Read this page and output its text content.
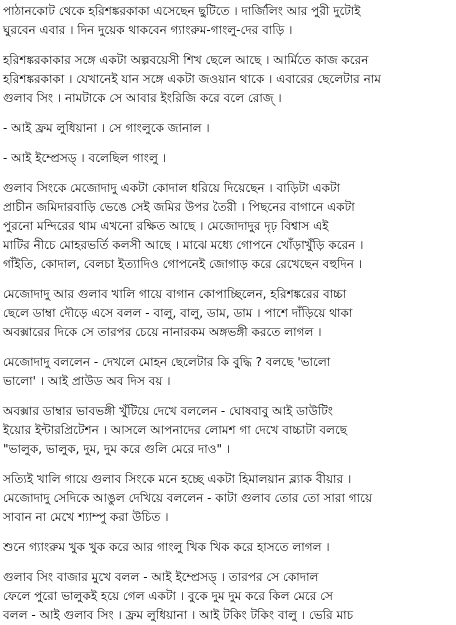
পাঠানকোট থেকে হরিশঙ্করকাকা এসেছেন ছুটিতে । দার্জিলিং আর পুরী দুটোই
ঘুরবেন এবার । দিন দুয়েক থাকবেন গ্যাংরুম-গাংলু-দের বাড়ি ।
হরিশঙ্করকাকার সঙ্গে একটা অল্পবয়েসী শিখ ছেলে আছে । আর্মিতে কাজ করেন
হরিশঙ্করকাকা । যেখানেই যান সঙ্গে একটা জওয়ান থাকে । এবারের ছেলেটার নাম
গুলাব সিং । নামটাকে সে আবার ইংরিজি করে বলে রোজ্ ।
- আই ফ্রম লুধিয়ানা । সে গাংলুকে জানাল ।
- আই ইম্প্রেসড্ । বলেছিল গাংলু ।
গুলাব সিংকে মেজোদাদু একটা কোদাল ধরিয়ে দিয়েছেন । বাড়িটা একটা
প্রাচীন জমিদারবাড়ি ভেঙে সেই জমির উপর তৈরী । পিছনের বাগানে একটা
পুরনো মন্দিরের থাম এখনো রক্ষিত আছে । মেজোদাদুর দৃঢ় বিশ্বাস এই
মাটির নীচে মোহরভর্তি কলসী আছে । মাঝে মধ্যে গোপনে খোঁড়াখুঁড়ি করেন ।
গাঁইতি, কোদাল, বেলচা ইত্যাদিও গোপনেই জোগাড় করে রেখেছেন বহুদিন ।
মেজোদাদু আর গুলাব খালি গায়ে বাগান কোপাচ্ছিলেন, হরিশঙ্করের বাচ্চা
ছেলে ডাম্বা দৌড়ে এসে বলল - বালু, বালু, ডাম, ডাম । পাশে দাঁড়িয়ে থাকা
অবক্সারের দিকে সে তারপর চেয়ে নানারকম অঙ্গভঙ্গী করতে লাগল ।
মেজোদাদু বললেন - দেখলে মোহন ছেলেটার কি বুদ্ধি ? বলছে 'ভালো
ভালো' । আই প্রাউড অব দিস বয় ।
অবক্সার ডাম্বার ভাবভঙ্গী খুঁটিয়ে দেখে বললেন - ঘোষবাবু আই ডাউটিং
ইয়োর ইন্টারপ্রিটেশন । আসলে আপনাদের লোমশ গা দেখে বাচ্চাটা বলছে
"ভালুক, ভালুক, দুম, দুম করে গুলি মেরে দাও" ।
সত্যিই খালি গায়ে গুলাব সিংকে মনে হচ্ছে একটা হিমালয়ান ব্ল্যাক বীয়ার ।
মেজোদাদু সেদিকে আঙুল দেখিয়ে বললেন - কাটা গুলাব তোর তো সারা গায়ে
সাবান না মেখে শ্যাম্পু করা উচিত ।
শুনে গ্যাংরুম খুক খুক করে আর গাংলু খিক খিক করে হাসতে লাগল ।
গুলাব সিং বাজার মুখে বলল - আই ইম্প্রেসড্ । তারপর সে কোদাল
ফেলে পুরো ভালুকই হয়ে গেল একটা । বুকে দুম দুম করে কিল মেরে সে
বলল - আই গুলাব সিং । ফ্রম লুধিয়ানা । আই টকিং টকিং বালু । ভেরি মাচ
